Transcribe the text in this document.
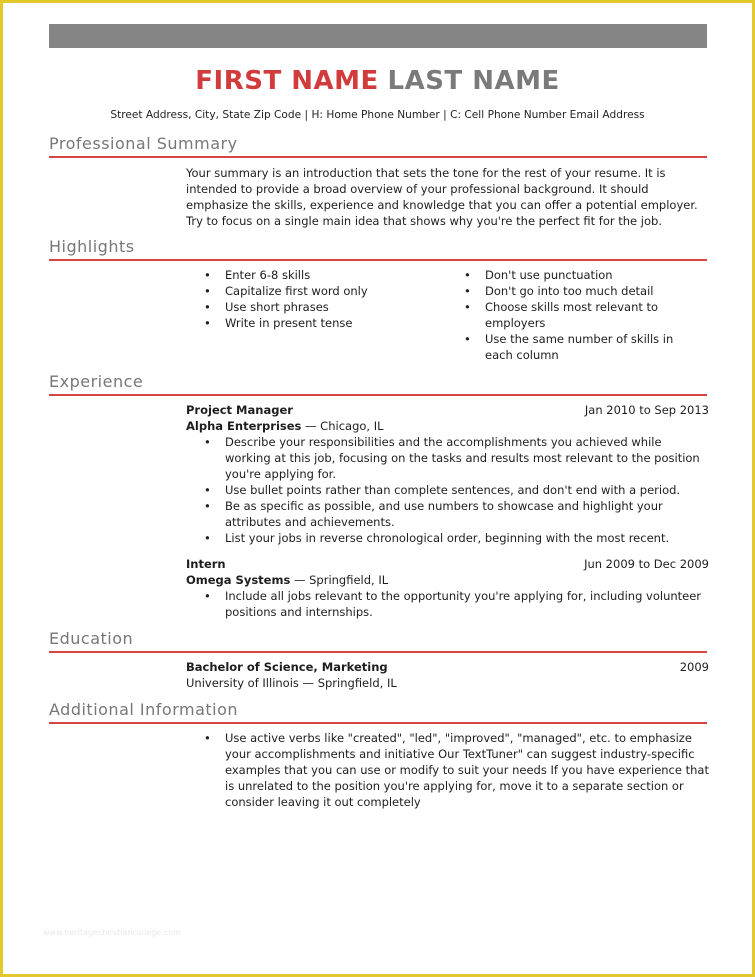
FIRST NAME LAST NAME
Street Address, City, State Zip Code | H: Home Phone Number | C: Cell Phone Number Email Address
Professional Summary
Your summary is an introduction that sets the tone for the rest of your resume. It is intended to provide a broad overview of your professional background. It should emphasize the skills, experience and knowledge that you can offer a potential employer. Try to focus on a single main idea that shows why you're the perfect fit for the job.
Highlights
• Enter 6-8 skills
• Capitalize first word only
• Use short phrases
• Write in present tense
• Don't use punctuation
• Don't go into too much detail
• Choose skills most relevant to employers
• Use the same number of skills in each column
Experience
Project Manager	Jan 2010 to Sep 2013
Alpha Enterprises — Chicago, IL
• Describe your responsibilities and the accomplishments you achieved while working at this job, focusing on the tasks and results most relevant to the position you're applying for.
• Use bullet points rather than complete sentences, and don't end with a period.
• Be as specific as possible, and use numbers to showcase and highlight your attributes and achievements.
• List your jobs in reverse chronological order, beginning with the most recent.
Intern	Jun 2009 to Dec 2009
Omega Systems — Springfield, IL
• Include all jobs relevant to the opportunity you're applying for, including volunteer positions and internships.
Education
Bachelor of Science, Marketing	2009
University of Illinois — Springfield, IL
Additional Information
• Use active verbs like "created", "led", "improved", "managed", etc. to emphasize your accomplishments and initiative Our TextTuner" can suggest industry-specific examples that you can use or modify to suit your needs If you have experience that is unrelated to the position you're applying for, move it to a separate section or consider leaving it out completely
www.heritagechristiancollege.com
